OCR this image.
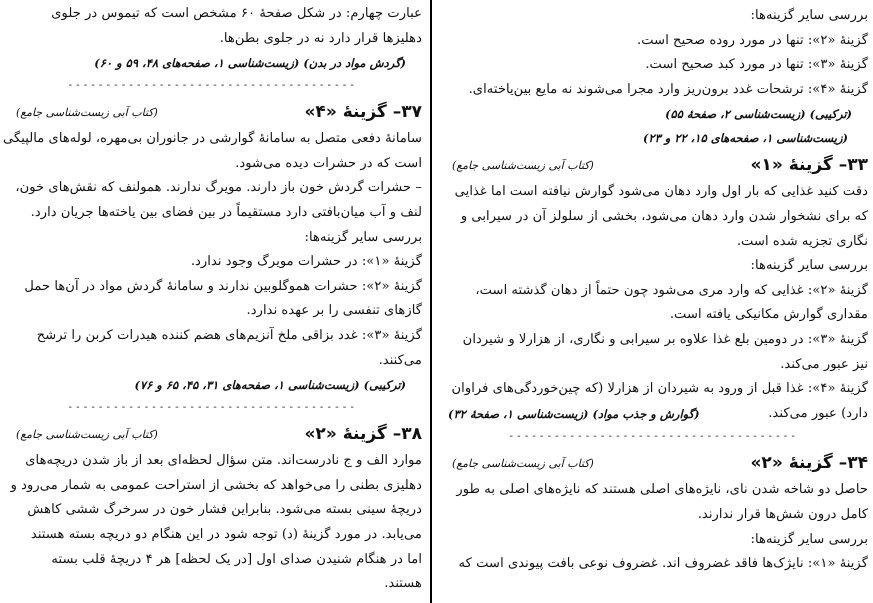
بررسی سایر گزینه‌ها:

گزینهٔ «۲»: تنها در مورد روده صحیح است.

گزینهٔ «۳»: تنها در مورد کبد صحیح است.

گزینهٔ «۴»: ترشحات غدد برون‌ریز وارد مجرا می‌شوند نه مایع بین‌یاخته‌ای.

(ترکیبی) (زیست‌شناسی ۲، صفحهٔ ۵۵)

(زیست‌شناسی ۱، صفحه‌های ۱۵، ۲۲ و ۲۳)

۳۳– گزینهٔ «۱»
(کتاب آبی زیست‌شناسی جامع)

دقت کنید غذایی که بار اول وارد دهان می‌شود گوارش نیافته است اما غذایی

که برای نشخوار شدن وارد دهان می‌شود، بخشی از سلولز آن در سیرابی و

نگاری تجزیه شده است.

بررسی سایر گزینه‌ها:

گزینهٔ «۲»: غذایی که وارد مری می‌شود چون حتماً از دهان گذشته است،

مقداری گوارش مکانیکی یافته است.

گزینهٔ «۳»: در دومین بلع غذا علاوه بر سیرابی و نگاری، از هزارلا و شیردان

نیز عبور می‌کند.

گزینهٔ «۴»: غذا قبل از ورود به شیردان از هزارلا (که چین‌خوردگی‌های فراوان

دارد) عبور می‌کند.

(گوارش و جذب مواد) (زیست‌شناسی ۱، صفحهٔ ۳۲)

--------------------------------------
۳۴– گزینهٔ «۲»
(کتاب آبی زیست‌شناسی جامع)

حاصل دو شاخه شدن نای، نایژه‌های اصلی هستند که نایژه‌های اصلی به طور

کامل درون شش‌ها قرار ندارند.

بررسی سایر گزینه‌ها:

گزینهٔ «۱»: نایژک‌ها فاقد غضروف اند. غضروف نوعی بافت پیوندی است که

عبارت چهارم: در شکل صفحهٔ ۶۰ مشخص است که تیموس در جلوی

دهلیزها قرار دارد نه در جلوی بطن‌ها.

(گردش مواد در بدن) (زیست‌شناسی ۱، صفحه‌های ۴۸، ۵۹ و ۶۰)

--------------------------------------
۳۷– گزینهٔ «۴»
(کتاب آبی زیست‌شناسی جامع)

سامانهٔ دفعی متصل به سامانهٔ گوارشی در جانوران بی‌مهره، لوله‌های مالپیگی

است که در حشرات دیده می‌شود.

– حشرات گردش خون باز دارند. مویرگ ندارند. همولنف که نقش‌های خون،

لنف و آب میان‌بافتی دارد مستقیماً در بین فضای بین یاخته‌ها جریان دارد.

بررسی سایر گزینه‌ها:

گزینهٔ «۱»: در حشرات مویرگ وجود ندارد.

گزینهٔ «۲»: حشرات هموگلوبین ندارند و سامانهٔ گردش مواد در آن‌ها حمل

گازهای تنفسی را بر عهده ندارد.

گزینهٔ «۳»: غدد بزاقی ملخ آنزیم‌های هضم کننده هیدرات کربن را ترشح

می‌کنند.

(ترکیبی) (زیست‌شناسی ۱، صفحه‌های ۳۱، ۴۵، ۶۵ و ۷۶)

--------------------------------------
۳۸– گزینهٔ «۲»
(کتاب آبی زیست‌شناسی جامع)

موارد الف و ج نادرست‌اند. متن سؤال لحظه‌ای بعد از باز شدن دریچه‌های

دهلیزی بطنی را می‌خواهد که بخشی از استراحت عمومی به شمار می‌رود و

دریچهٔ سینی بسته می‌شود. بنابراین فشار خون در سرخرگ ششی کاهش

می‌یابد. در مورد گزینهٔ (د) توجه شود در این هنگام دو دریچه بسته هستند

اما در هنگام شنیدن صدای اول [در یک لحظه] هر ۴ دریچهٔ قلب بسته

هستند.
